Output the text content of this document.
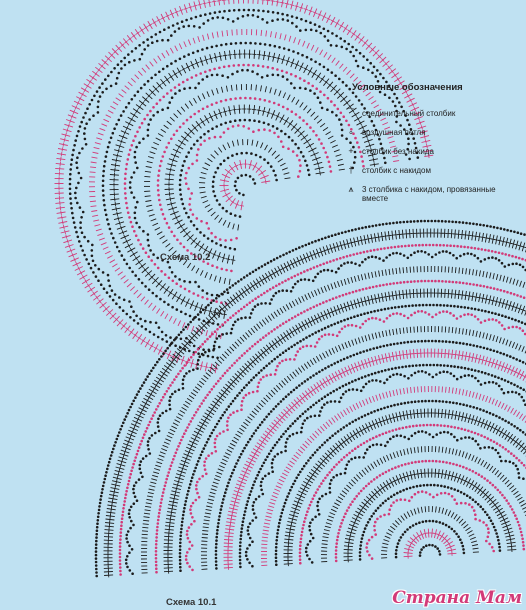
Условные обозначения
⌒ соединительный столбик
∘	воздушная петля
+	столбик без накида
†	столбик с накидом
⩚	3 столбика с накидом, провязанные вместе
Схема 10.2
Схема 10.1	Страна Мам
